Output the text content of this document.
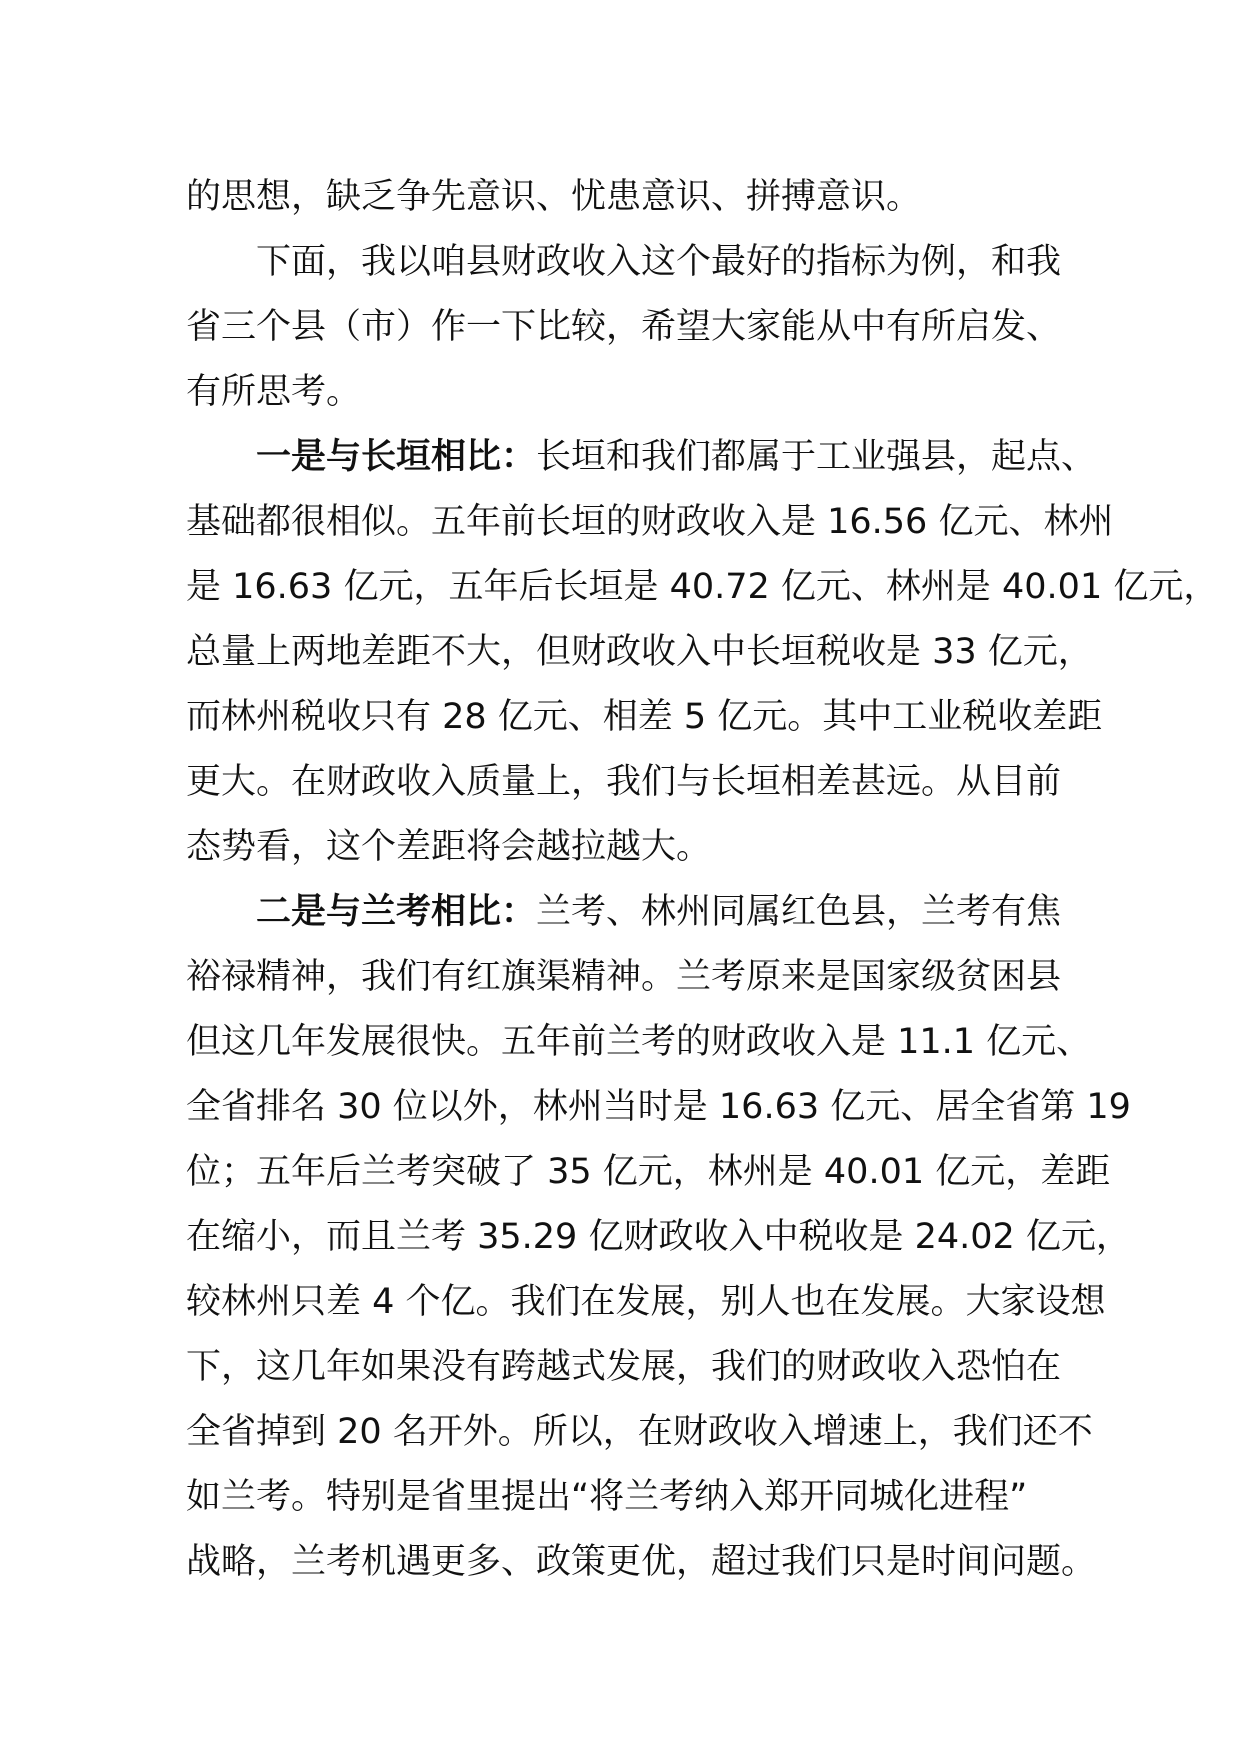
的思想，缺乏争先意识、忧患意识、拼搏意识。

下面，我以咱县财政收入这个最好的指标为例，和我
省三个县（市）作一下比较，希望大家能从中有所启发、
有所思考。

一是与长垣相比：长垣和我们都属于工业强县，起点、
基础都很相似。五年前长垣的财政收入是 16.56 亿元、林州
是 16.63 亿元，五年后长垣是 40.72 亿元、林州是 40.01 亿元，
总量上两地差距不大，但财政收入中长垣税收是 33 亿元，
而林州税收只有 28 亿元、相差 5 亿元。其中工业税收差距
更大。在财政收入质量上，我们与长垣相差甚远。从目前
态势看，这个差距将会越拉越大。

二是与兰考相比：兰考、林州同属红色县，兰考有焦
裕禄精神，我们有红旗渠精神。兰考原来是国家级贫困县
但这几年发展很快。五年前兰考的财政收入是 11.1 亿元、
全省排名 30 位以外，林州当时是 16.63 亿元、居全省第 19
位；五年后兰考突破了 35 亿元，林州是 40.01 亿元，差距
在缩小，而且兰考 35.29 亿财政收入中税收是 24.02 亿元，
较林州只差 4 个亿。我们在发展，别人也在发展。大家设想
下，这几年如果没有跨越式发展，我们的财政收入恐怕在
全省掉到 20 名开外。所以，在财政收入增速上，我们还不
如兰考。特别是省里提出“将兰考纳入郑开同城化进程”
战略，兰考机遇更多、政策更优，超过我们只是时间问题。
